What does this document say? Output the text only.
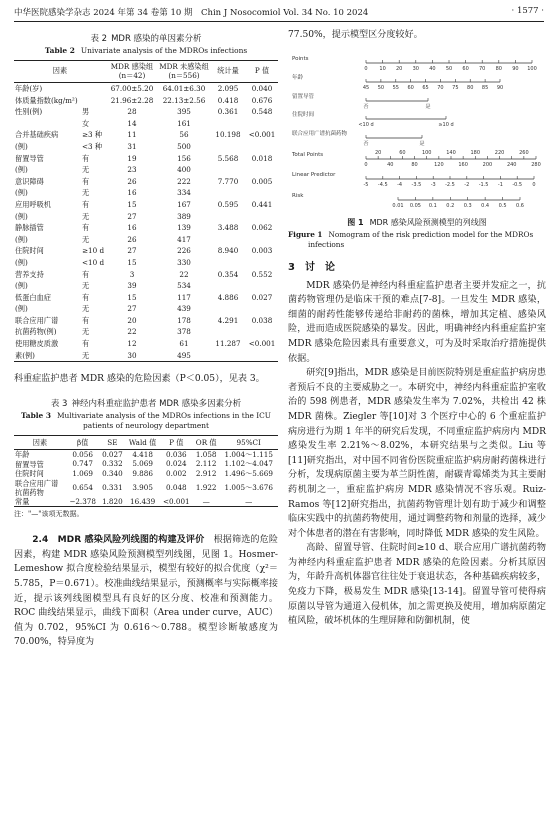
中华医院感染学杂志 2024 年第 34 卷第 10 期　Chin J Nosocomiol Vol. 34 No. 10 2024	· 1577 ·
表 2 MDR 感染的单因素分析
Table 2 Univariate analysis of the MDROs infections
因素		MDR 感染组 (n＝42)	MDR 未感染组 (n＝556)	统计量	P 值
年龄(岁)		67.00±5.20	64.01±6.30	2.095	0.040
体质量指数(kg/m²)		21.96±2.28	22.13±2.56	0.418	0.676
性别(例)	男	28	395	0.361	0.548
	女	14	161		
合并基础疾病	≥3 种	11	56	10.198	<0.001
(例)	<3 种	31	500		
留置导管	有	19	156	5.568	0.018
(例)	无	23	400		
意识障碍	有	26	222	7.770	0.005
(例)	无	16	334		
应用呼吸机	有	15	167	0.595	0.441
(例)	无	27	389		
静脉插管	有	16	139	3.488	0.062
(例)	无	26	417		
住院时间	≥10 d	27	226	8.940	0.003
(例)	<10 d	15	330		
营养支持	有	3	22	0.354	0.552
(例)	无	39	534		
低蛋白血症	有	15	117	4.886	0.027
(例)	无	27	439		
联合应用广谱	有	20	178	4.291	0.038
抗菌药物(例)	无	22	378		
使用糖皮质激	有	12	61	11.287	<0.001
素(例)	无	30	495		
科重症监护患者 MDR 感染的危险因素（P＜0.05），见表 3。
表 3 神经内科重症监护患者 MDR 感染多因素分析
Table 3 Multivariate analysis of the MDROs infections in the ICU patients of neurology department
因素	β值	SE	Wald 值	P 值	OR 值	95%CI
年龄	0.056	0.027	4.418	0.036	1.058	1.004～1.115
留置导管	0.747	0.332	5.069	0.024	2.112	1.102～4.047
住院时间	1.069	0.340	9.886	0.002	2.912	1.496～5.669
联合应用广谱抗菌药物	0.654	0.331	3.905	0.048	1.922	1.005～3.676
常量	−2.378	1.820	16.439	<0.001	—	—
注："—"该项无数据。
2.4　MDR 感染风险列线图的构建及评价　 根据筛选的危险因素，构建 MDR 感染风险预测模型列线图，见图 1。Hosmer-Lemeshow 拟合度检验结果显示，模型有较好的拟合优度（χ²＝5.785，P＝0.671）。校准曲线结果显示，预测概率与实际概率接近，提示该列线图模型具有良好的区分度、校准和预测能力。ROC 曲线结果显示，曲线下面积（Area under curve，AUC）值为 0.702，95%CI 为 0.616～0.788。模型诊断敏感度为 70.00%，特异度为
77.50%，提示模型区分度较好。
Points
0 10 20 30 40 50 60 70 80 90 100
年龄
45 50 55 60 65 70 75 80 85 90
留置导管
否	是
住院时间
<10 d	≥10 d
联合应用广谱抗菌药物
否	是
Total Points
0
20
40
60
80
100
120
140
160
180
200
220
240
260
280
Linear Predictor
-5 -4.5 -4 -3.5 -3 -2.5 -2 -1.5 -1 -0.5 0
Risk
0.01 0.05 0.1 0.2 0.3 0.4 0.5 0.6
图 1 MDR 感染风险预测模型的列线图
Figure 1 Nomogram of the risk prediction model for the MDROs infections
3　讨　论
MDR 感染仍是神经内科重症监护患者主要并发症之一，抗菌药物管理仍是临床干预的难点[7-8]。一旦发生 MDR 感染，细菌的耐药性能够传递给非耐药的菌株，增加其定植、感染风险，进而造成医院感染的暴发。因此，明确神经内科重症监护室 MDR 感染危险因素具有重要意义，可为及时采取治疗措施提供依据。
研究[9]指出，MDR 感染是目前医院特别是重症监护病房患者预后不良的主要威胁之一。本研究中，神经内科重症监护室收治的 598 例患者，MDR 感染发生率为 7.02%，共检出 42 株 MDR 菌株。Ziegler 等[10]对 3 个医疗中心的 6 个重症监护病房进行为期 1 年半的研究后发现，不同重症监护病房内 MDR 感染发生率 2.21%～8.02%，本研究结果与之类似。Liu 等[11]研究指出，对中国不同省份医院重症监护病房耐药菌株进行分析，发现病原菌主要为革兰阴性菌，耐碳青霉烯类为其主要耐药机制之一，重症监护病房 MDR 感染情况不容乐观。Ruiz-Ramos 等[12]研究指出，抗菌药物管理计划有助于减少和调整临床实践中的抗菌药物使用，通过调整药物和剂量的选择，减少对个体患者的潜在有害影响，同时降低 MDR 感染的发生风险。
高龄、留置导管、住院时间≥10 d、联合应用广谱抗菌药物为神经内科重症监护患者 MDR 感染的危险因素。分析其原因为，年龄升高机体器官往往处于衰退状态，各种基础疾病较多，免疫力下降，极易发生 MDR 感染[13-14]。留置导管可使得病原菌以导管为通道入侵机体，加之需更换及使用，增加病原菌定植风险，破坏机体的生理屏障和防御机制，使
